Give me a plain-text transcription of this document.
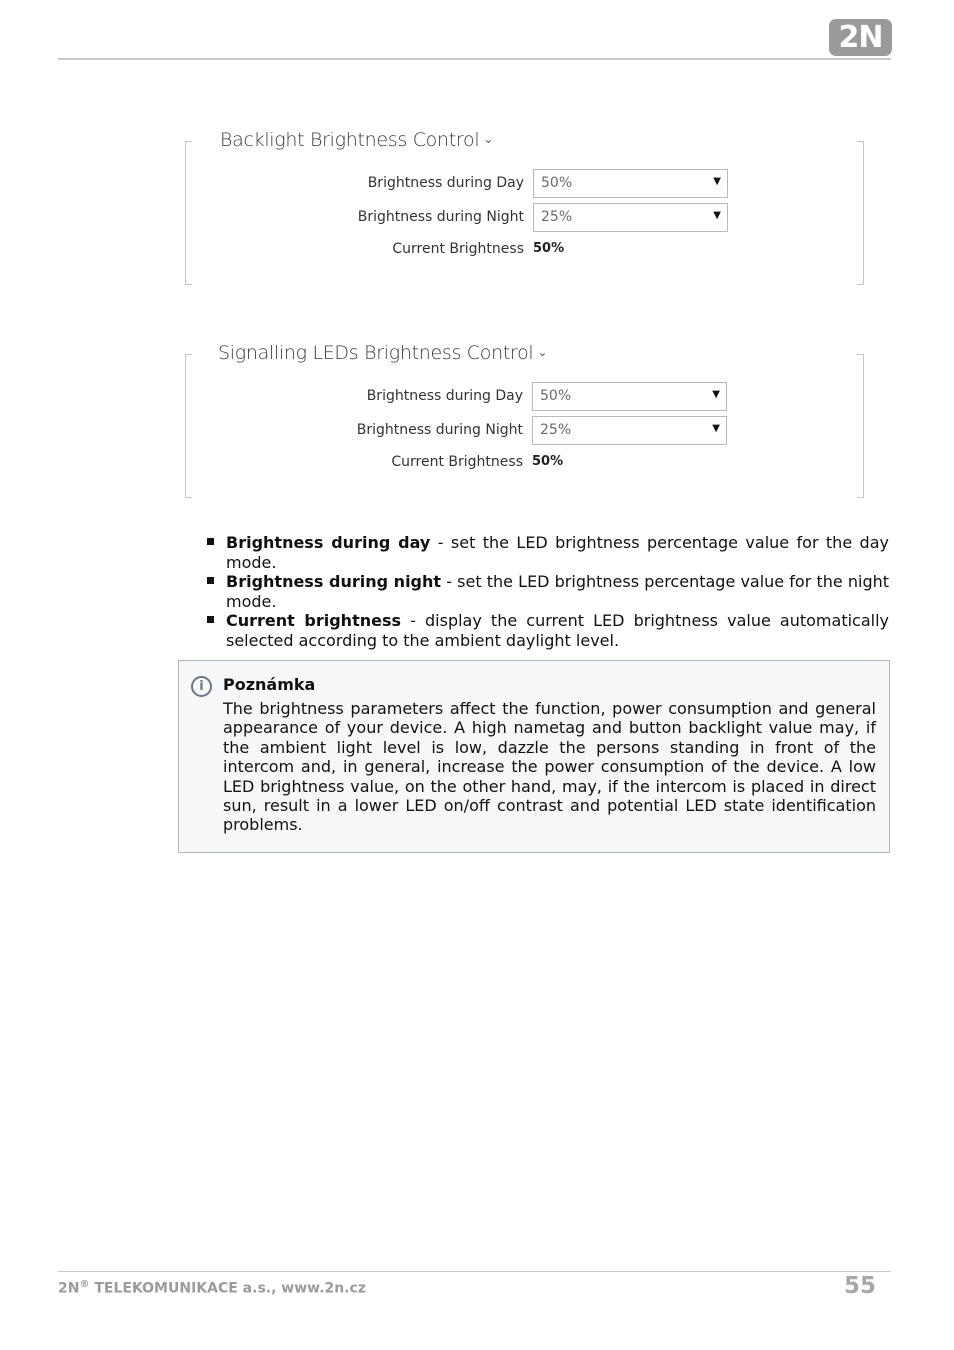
2N
Backlight Brightness Control ⌄
Brightness during Day 50%	▼
Brightness during Night 25%	▼
Current Brightness 50%
Signalling LEDs Brightness Control ⌄
Brightness during Day 50%	▼
Brightness during Night 25%	▼
Current Brightness 50%
Brightness during day - set the LED brightness percentage value for the day mode.
Brightness during night - set the LED brightness percentage value for the night mode.
Current brightness - display the current LED brightness value automatically selected according to the ambient daylight level.
i	Poznámka
The brightness parameters affect the function, power consumption and general appearance of your device. A high nametag and button backlight value may, if the ambient light level is low, dazzle the persons standing in front of the intercom and, in general, increase the power consumption of the device. A low LED brightness value, on the other hand, may, if the intercom is placed in direct sun, result in a lower LED on/off contrast and potential LED state identification problems.
2N® TELEKOMUNIKACE a.s., www.2n.cz	55
